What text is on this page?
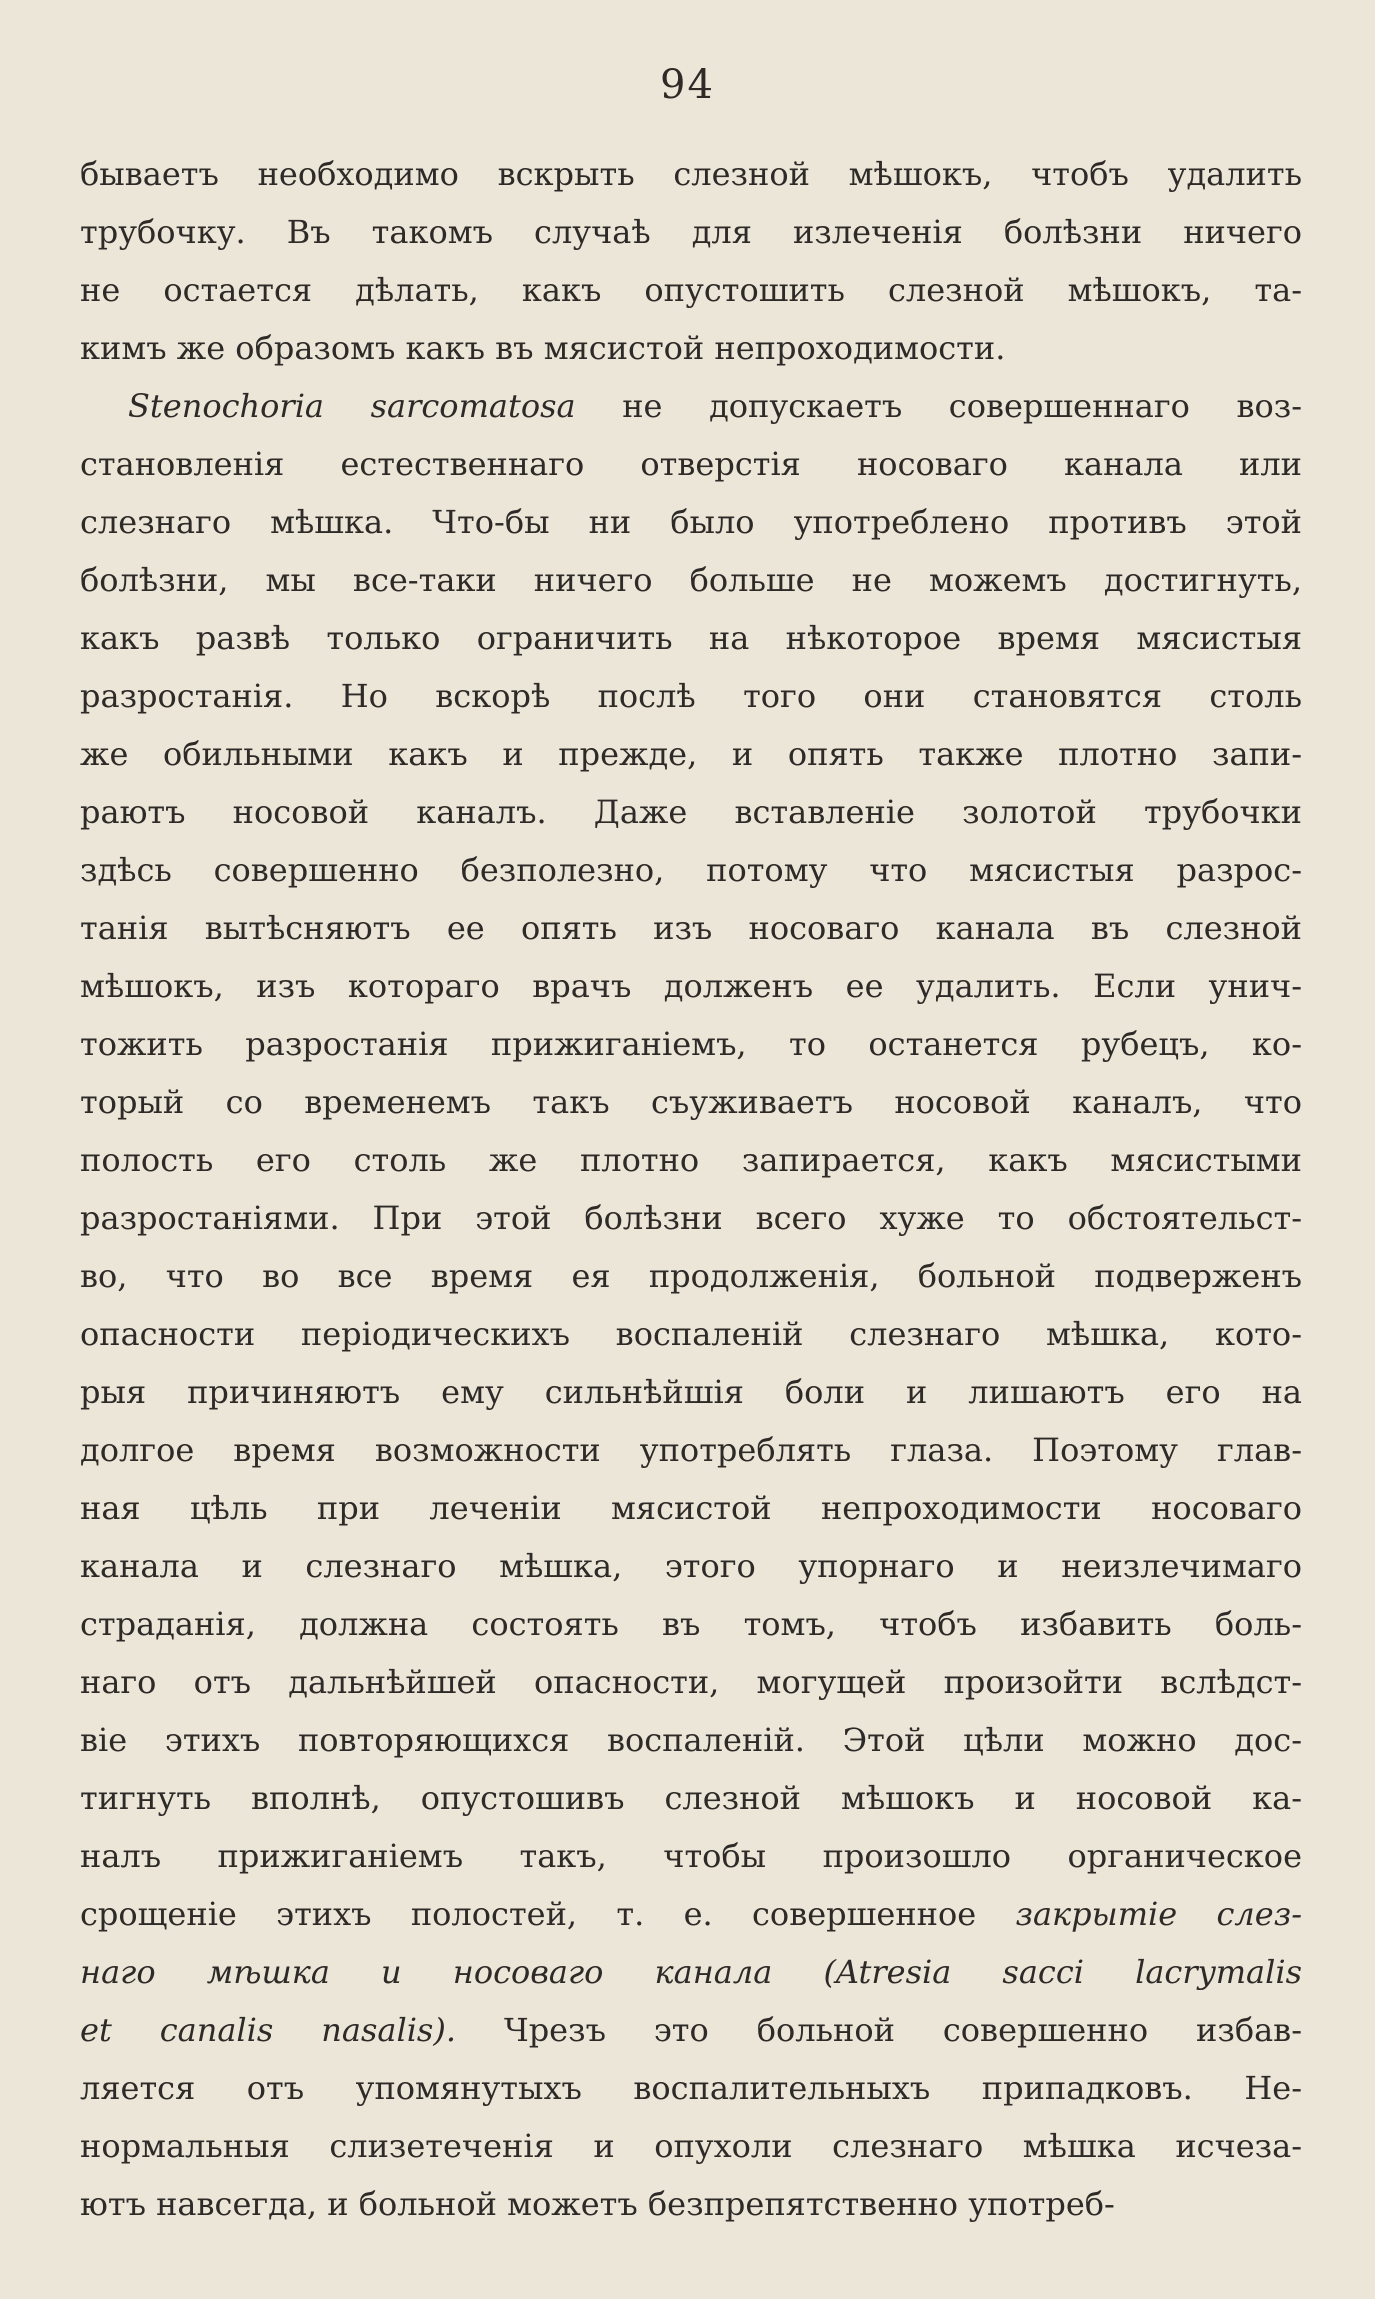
94
бываетъ необходимо вскрыть слезной мѣшокъ, чтобъ удалить
трубочку. Въ такомъ случаѣ для излеченія болѣзни ничего
не остается дѣлать, какъ опустошить слезной мѣшокъ, та-
кимъ же образомъ какъ въ мясистой непроходимости.
Stenochoria sarcomatosa не допускаетъ совершеннаго воз-
становленія естественнаго отверстія носоваго канала или
слезнаго мѣшка. Что-бы ни было употреблено противъ этой
болѣзни, мы все-таки ничего больше не можемъ достигнуть,
какъ развѣ только ограничить на нѣкоторое время мясистыя
разростанія. Но вскорѣ послѣ того они становятся столь
же обильными какъ и прежде, и опять также плотно запи-
раютъ носовой каналъ. Даже вставленіе золотой трубочки
здѣсь совершенно безполезно, потому что мясистыя разрос-
танія вытѣсняютъ ее опять изъ носоваго канала въ слезной
мѣшокъ, изъ котораго врачъ долженъ ее удалить. Если унич-
тожить разростанія прижиганіемъ, то останется рубецъ, ко-
торый со временемъ такъ съуживаетъ носовой каналъ, что
полость его столь же плотно запирается, какъ мясистыми
разростаніями. При этой болѣзни всего хуже то обстоятельст-
во, что во все время ея продолженія, больной подверженъ
опасности періодическихъ воспаленій слезнаго мѣшка, кото-
рыя причиняютъ ему сильнѣйшія боли и лишаютъ его на
долгое время возможности употреблять глаза. Поэтому глав-
ная цѣль при леченіи мясистой непроходимости носоваго
канала и слезнаго мѣшка, этого упорнаго и неизлечимаго
страданія, должна состоять въ томъ, чтобъ избавить боль-
наго отъ дальнѣйшей опасности, могущей произойти вслѣдст-
віе этихъ повторяющихся воспаленій. Этой цѣли можно дос-
тигнуть вполнѣ, опустошивъ слезной мѣшокъ и носовой ка-
налъ прижиганіемъ такъ, чтобы произошло органическое
срощеніе этихъ полостей, т. е. совершенное закрытіе слез-
наго мѣшка и носоваго канала (Atresia sacci lacrymalis
et canalis nasalis). Чрезъ это больной совершенно избав-
ляется отъ упомянутыхъ воспалительныхъ припадковъ. Не-
нормальныя слизетеченія и опухоли слезнаго мѣшка исчеза-
ютъ навсегда, и больной можетъ безпрепятственно употреб-
